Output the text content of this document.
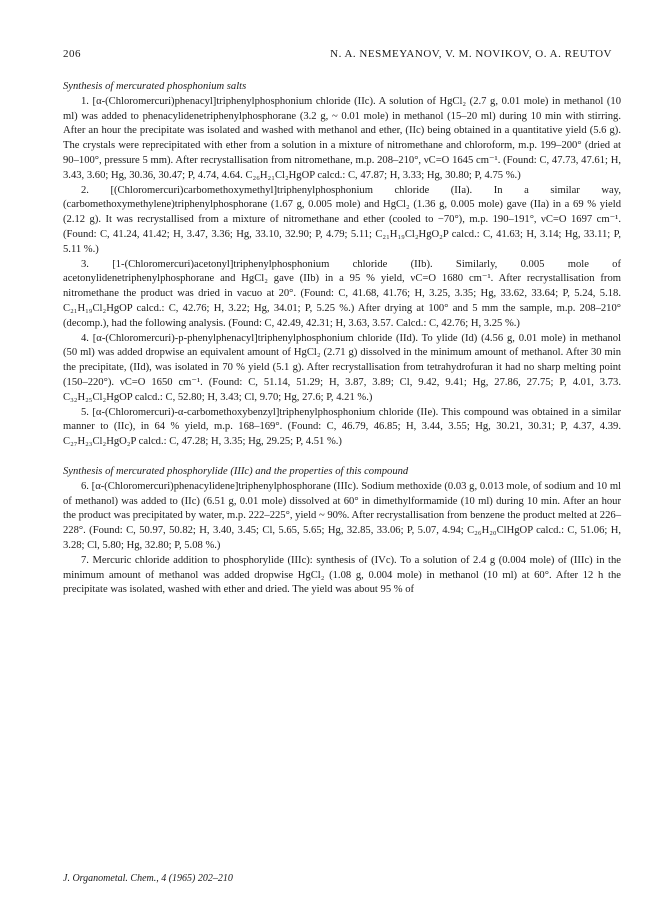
206	N. A. NESMEYANOV, V. M. NOVIKOV, O. A. REUTOV
Synthesis of mercurated phosphonium salts

1. [α-(Chloromercuri)phenacyl]triphenylphosphonium chloride (IIc). A solution of HgCl₂ (2.7 g, 0.01 mole) in methanol (10 ml) was added to phenacylidenetriphenylphosphorane (3.2 g, ~ 0.01 mole) in methanol (15–20 ml) during 10 min with stirring. After an hour the precipitate was isolated and washed with methanol and ether, (IIc) being obtained in a quantitative yield (5.6 g). The crystals were reprecipitated with ether from a solution in a mixture of nitromethane and chloroform, m.p. 199–200° (dried at 90–100°, pressure 5 mm). After recrystallisation from nitromethane, m.p. 208–210°, νC=O 1645 cm⁻¹. (Found: C, 47.73, 47.61; H, 3.43, 3.60; Hg, 30.36, 30.47; P, 4.74, 4.64. C₂₆H₂₁Cl₂HgOP calcd.: C, 47.87; H, 3.33; Hg, 30.80; P, 4.75 %.)

2. [(Chloromercuri)carbomethoxymethyl]triphenylphosphonium chloride (IIa). In a similar way, (carbomethoxymethylene)triphenylphosphorane (1.67 g, 0.005 mole) and HgCl₂ (1.36 g, 0.005 mole) gave (IIa) in a 69 % yield (2.12 g). It was recrystallised from a mixture of nitromethane and ether (cooled to −70°), m.p. 190–191°, νC=O 1697 cm⁻¹. (Found: C, 41.24, 41.42; H, 3.47, 3.36; Hg, 33.10, 32.90; P, 4.79; 5.11; C₂₁H₁₉Cl₂HgO₂P calcd.: C, 41.63; H, 3.14; Hg, 33.11; P, 5.11 %.)

3. [1-(Chloromercuri)acetonyl]triphenylphosphonium chloride (IIb). Similarly, 0.005 mole of acetonylidenetriphenylphosphorane and HgCl₂ gave (IIb) in a 95 % yield, νC=O 1680 cm⁻¹. After recrystallisation from nitromethane the product was dried in vacuo at 20°. (Found: C, 41.68, 41.76; H, 3.25, 3.35; Hg, 33.62, 33.64; P, 5.24, 5.18. C₂₁H₁₉Cl₂HgOP calcd.: C, 42.76; H, 3.22; Hg, 34.01; P, 5.25 %.) After drying at 100° and 5 mm the sample, m.p. 208–210° (decomp.), had the following analysis. (Found: C, 42.49, 42.31; H, 3.63, 3.57. Calcd.: C, 42.76; H, 3.25 %.)

4. [α-(Chloromercuri)-p-phenylphenacyl]triphenylphosphonium chloride (IId). To ylide (Id) (4.56 g, 0.01 mole) in methanol (50 ml) was added dropwise an equivalent amount of HgCl₂ (2.71 g) dissolved in the minimum amount of methanol. After 30 min the precipitate, (IId), was isolated in 70 % yield (5.1 g). After recrystallisation from tetrahydrofuran it had no sharp melting point (150–220°). νC=O 1650 cm⁻¹. (Found: C, 51.14, 51.29; H, 3.87, 3.89; Cl, 9.42, 9.41; Hg, 27.86, 27.75; P, 4.01, 3.73. C₃₂H₂₅Cl₂HgOP calcd.: C, 52.80; H, 3.43; Cl, 9.70; Hg, 27.6; P, 4.21 %.)

5. [α-(Chloromercuri)-α-carbomethoxybenzyl]triphenylphosphonium chloride (IIe). This compound was obtained in a similar manner to (IIc), in 64 % yield, m.p. 168–169°. (Found: C, 46.79, 46.85; H, 3.44, 3.55; Hg, 30.21, 30.31; P, 4.37, 4.39. C₂₇H₂₃Cl₂HgO₂P calcd.: C, 47.28; H, 3.35; Hg, 29.25; P, 4.51 %.)

Synthesis of mercurated phosphorylide (IIIc) and the properties of this compound

6. [α-(Chloromercuri)phenacylidene]triphenylphosphorane (IIIc). Sodium methoxide (0.03 g, 0.013 mole, of sodium and 10 ml of methanol) was added to (IIc) (6.51 g, 0.01 mole) dissolved at 60° in dimethylformamide (10 ml) during 10 min. After an hour the product was precipitated by water, m.p. 222–225°, yield ~ 90%. After recrystallisation from benzene the product melted at 226–228°. (Found: C, 50.97, 50.82; H, 3.40, 3.45; Cl, 5.65, 5.65; Hg, 32.85, 33.06; P, 5.07, 4.94; C₂₆H₂₀ClHgOP calcd.: C, 51.06; H, 3.28; Cl, 5.80; Hg, 32.80; P, 5.08 %.)

7. Mercuric chloride addition to phosphorylide (IIIc): synthesis of (IVc). To a solution of 2.4 g (0.004 mole) of (IIIc) in the minimum amount of methanol was added dropwise HgCl₂ (1.08 g, 0.004 mole) in methanol (10 ml) at 60°. After 12 h the precipitate was isolated, washed with ether and dried. The yield was about 95 % of

J. Organometal. Chem., 4 (1965) 202–210
